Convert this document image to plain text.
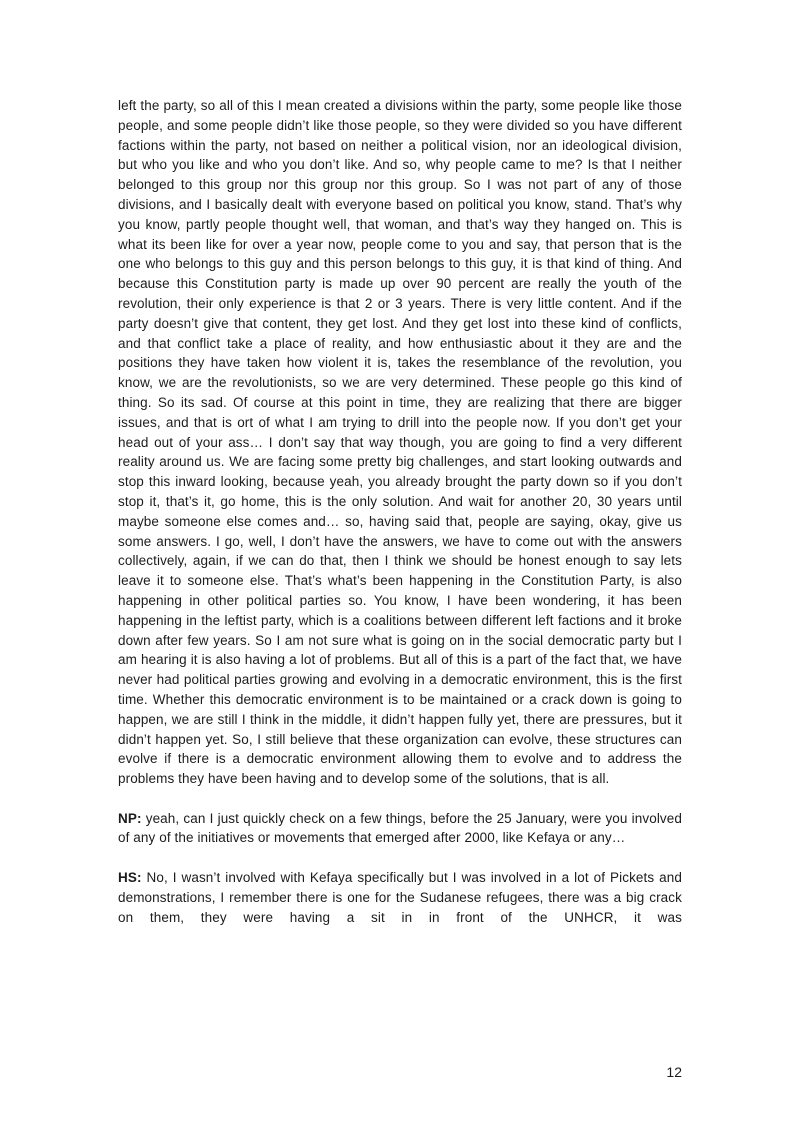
left the party, so all of this I mean created a divisions within the party, some people like those people, and some people didn’t like those people, so they were divided so you have different factions within the party, not based on neither a political vision, nor an ideological division, but who you like and who you don’t like. And so, why people came to me? Is that I neither belonged to this group nor this group nor this group. So I was not part of any of those divisions, and I basically dealt with everyone based on political you know, stand. That’s why you know, partly people thought well, that woman, and that’s way they hanged on. This is what its been like for over a year now, people come to you and say, that person that is the one who belongs to this guy and this person belongs to this guy, it is that kind of thing. And because this Constitution party is made up over 90 percent are really the youth of the revolution, their only experience is that 2 or 3 years. There is very little content. And if the party doesn’t give that content, they get lost. And they get lost into these kind of conflicts, and that conflict take a place of reality, and how enthusiastic about it they are and the positions they have taken how violent it is, takes the resemblance of the revolution, you know, we are the revolutionists, so we are very determined. These people go this kind of thing. So its sad. Of course at this point in time, they are realizing that there are bigger issues, and that is ort of what I am trying to drill into the people now. If you don’t get your head out of your ass… I don’t say that way though, you are going to find a very different reality around us. We are facing some pretty big challenges, and start looking outwards and stop this inward looking, because yeah, you already brought the party down so if you don’t stop it, that’s it, go home, this is the only solution. And wait for another 20, 30 years until maybe someone else comes and… so, having said that, people are saying, okay, give us some answers. I go, well, I don’t have the answers, we have to come out with the answers collectively, again, if we can do that, then I think we should be honest enough to say lets leave it to someone else. That’s what’s been happening in the Constitution Party, is also happening in other political parties so. You know, I have been wondering, it has been happening in the leftist party, which is a coalitions between different left factions and it broke down after few years. So I am not sure what is going on in the social democratic party but I am hearing it is also having a lot of problems. But all of this is a part of the fact that, we have never had political parties growing and evolving in a democratic environment, this is the first time. Whether this democratic environment is to be maintained or a crack down is going to happen, we are still I think in the middle, it didn’t happen fully yet, there are pressures, but it didn’t happen yet. So, I still believe that these organization can evolve, these structures can evolve if there is a democratic environment allowing them to evolve and to address the problems they have been having and to develop some of the solutions, that is all.

NP: yeah, can I just quickly check on a few things, before the 25 January, were you involved of any of the initiatives or movements that emerged after 2000, like Kefaya or any…

HS: No, I wasn’t involved with Kefaya specifically but I was involved in a lot of Pickets and demonstrations, I remember there is one for the Sudanese refugees, there was a big crack on them, they were having a sit in in front of the UNHCR, it was

12
